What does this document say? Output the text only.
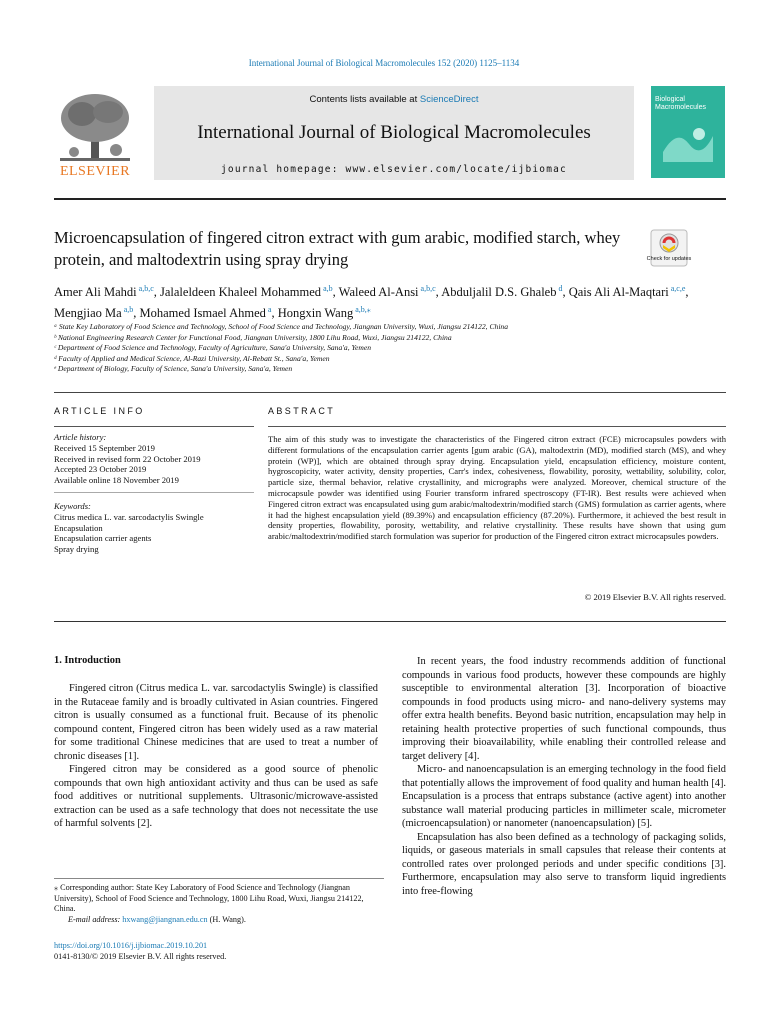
International Journal of Biological Macromolecules 152 (2020) 1125–1134
ELSEVIER
Contents lists available at ScienceDirect
International Journal of Biological Macromolecules
journal homepage: www.elsevier.com/locate/ijbiomac
Biological Macromolecules
Microencapsulation of fingered citron extract with gum arabic, modified starch, whey protein, and maltodextrin using spray drying	Check for updates
Amer Ali Mahdi $^{a,b,c}$, Jalaleldeen Khaleel Mohammed $^{a,b}$, Waleed Al-Ansi $^{a,b,c}$, Abduljalil D.S. Ghaleb $^d$, Qais Ali Al-Maqtari $^{a,c,e}$, Mengjiao Ma $^{a,b}$, Mohamed Ismael Ahmed $^a$, Hongxin Wang $^{a,b,⁎}$
ᵃ State Key Laboratory of Food Science and Technology, School of Food Science and Technology, Jiangnan University, Wuxi, Jiangsu 214122, China
ᵇ National Engineering Research Center for Functional Food, Jiangnan University, 1800 Lihu Road, Wuxi, Jiangsu 214122, China
ᶜ Department of Food Science and Technology, Faculty of Agriculture, Sana'a University, Sana'a, Yemen
ᵈ Faculty of Applied and Medical Science, Al-Razi University, Al-Rebatt St., Sana'a, Yemen
ᵉ Department of Biology, Faculty of Science, Sana'a University, Sana'a, Yemen
ARTICLE INFO	ABSTRACT
Article history:
Received 15 September 2019
Received in revised form 22 October 2019
Accepted 23 October 2019
Available online 18 November 2019
Keywords:
Citrus medica L. var. sarcodactylis Swingle
Encapsulation
Encapsulation carrier agents
Spray drying
The aim of this study was to investigate the characteristics of the Fingered citron extract (FCE) microcapsules powders with different formulations of the encapsulation carrier agents [gum arabic (GA), maltodextrin (MD), modified starch (MS), and whey protein (WP)], which are obtained through spray drying. Encapsulation yield, encapsulation efficiency, moisture content, hygroscopicity, water activity, density properties, Carr's index, cohesiveness, flowability, porosity, wettability, solubility, color, particle size, thermal behavior, relative crystallinity, and micrographs were analyzed. Moreover, chemical structure of the microcapsule powder was identified using Fourier transform infrared spectroscopy (FT-IR). Best results were achieved when Fingered citron extract was encapsulated using gum arabic/maltodextrin/modified starch (GMS) formulation as carrier agents, where it had the highest encapsulation yield (89.39%) and encapsulation efficiency (87.20%). Furthermore, it achieved the best result in density properties, flowability, porosity, wettability, and relative crystallinity. These results have shown that using gum arabic/maltodextrin/modified starch formulation was superior for production of the Fingered citron extract microcapsules powders.
© 2019 Elsevier B.V. All rights reserved.
1. Introduction

Fingered citron (Citrus medica L. var. sarcodactylis Swingle) is classified in the Rutaceae family and is broadly cultivated in Asian countries. Fingered citron is usually consumed as a functional fruit. Because of its phenolic compound content, Fingered citron has been widely used as a raw material for some traditional Chinese medicines that are used to treat a number of chronic diseases [1].

Fingered citron may be considered as a good source of phenolic compounds that own high antioxidant activity and thus can be used as safe food additives or nutritional supplements. Ultrasonic/microwave-assisted extraction can be used as a safe technology that does not necessitate the use of harmful solvents [2].

In recent years, the food industry recommends addition of functional compounds in various food products, however these compounds are highly susceptible to environmental alteration [3]. Incorporation of bioactive compounds in food products using micro- and nano-delivery systems may offer extra health benefits. Beyond basic nutrition, encapsulation may help in retaining health protective properties of such functional compounds, thus improving their bioavailability, while enabling their controlled release and target delivery [4].

Micro- and nanoencapsulation is an emerging technology in the food field that potentially allows the improvement of food quality and human health [4]. Encapsulation is a process that entraps substance (active agent) into another substance wall material producing particles in millimeter scale, micrometer (microencapsulation) or nanometer (nanoencapsulation) [5].

Encapsulation has also been defined as a technology of packaging solids, liquids, or gaseous materials in small capsules that release their contents at controlled rates over prolonged periods and under specific conditions [3]. Furthermore, encapsulation may also serve to transform liquid ingredients into free-flowing

⁎ Corresponding author: State Key Laboratory of Food Science and Technology (Jiangnan University), School of Food Science and Technology, 1800 Lihu Road, Wuxi, Jiangsu 214122, China.
E-mail address: hxwang@jiangnan.edu.cn (H. Wang).
https://doi.org/10.1016/j.ijbiomac.2019.10.201
0141-8130/© 2019 Elsevier B.V. All rights reserved.
